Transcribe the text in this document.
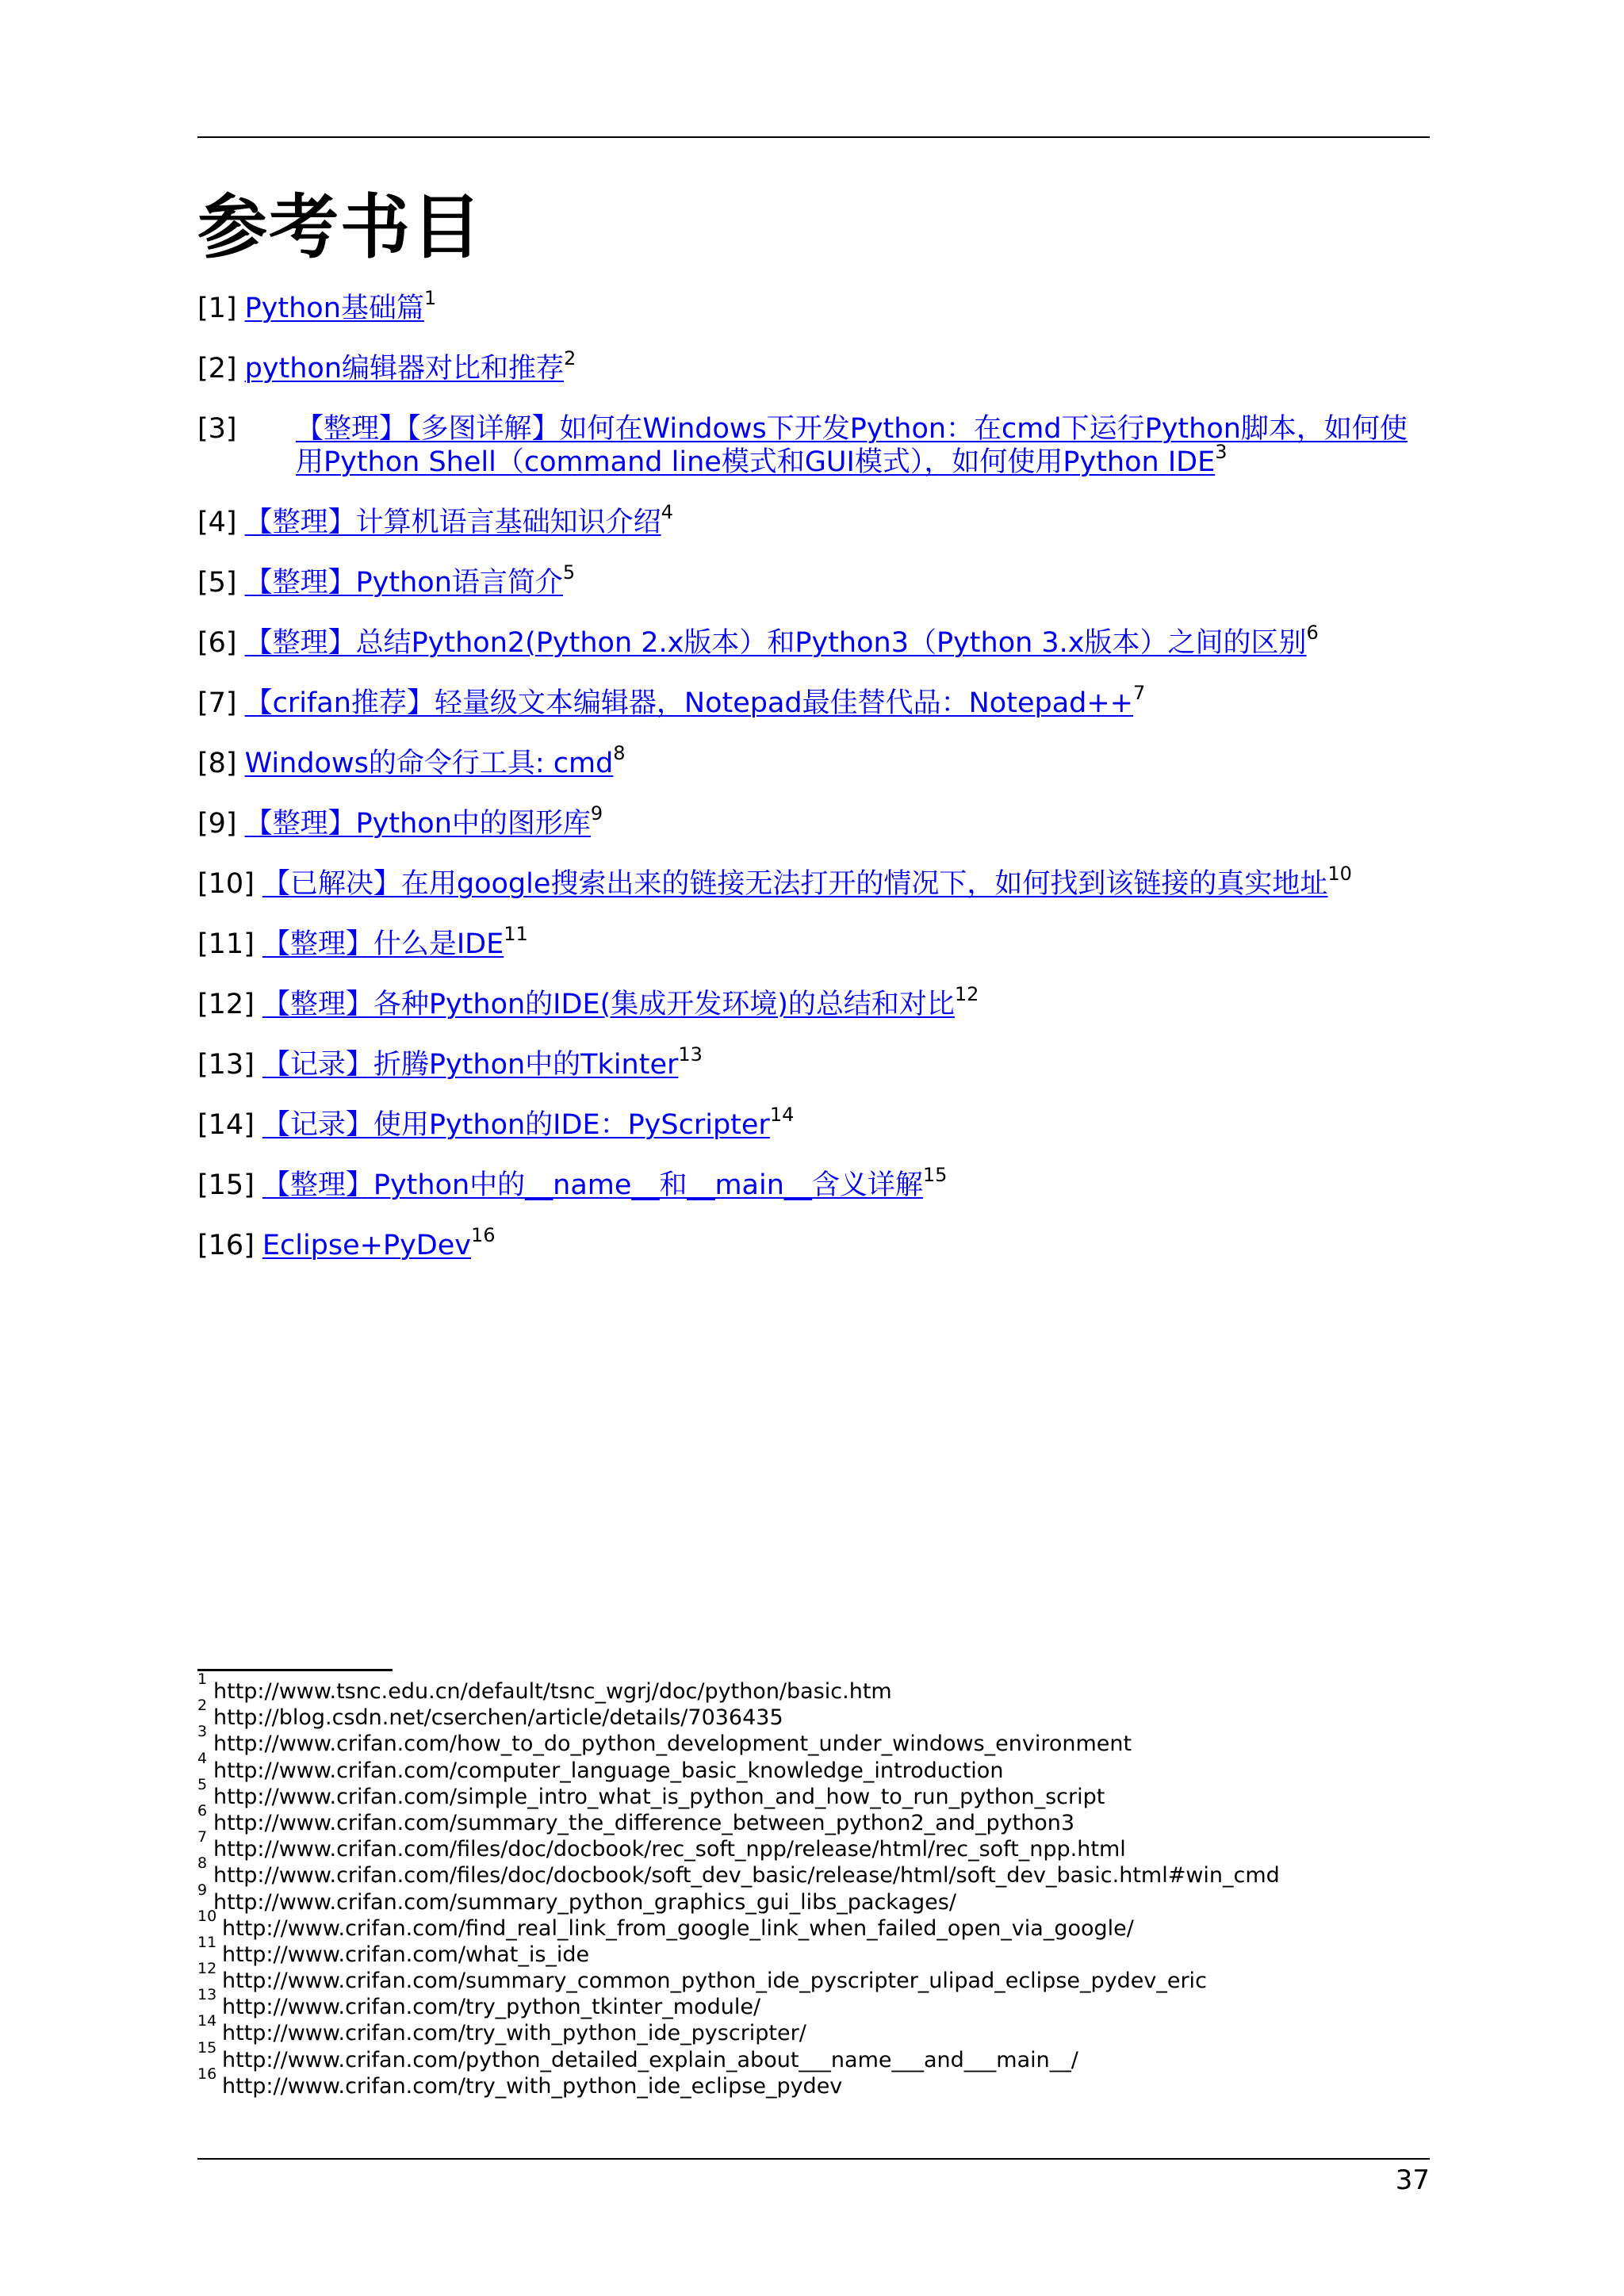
参考书目
[1] Python基础篇$^1$
[2] python编辑器对比和推荐$^2$
[3] 【整理】【多图详解】如何在Windows下开发Python：在cmd下运行Python脚本，如何使用Python Shell（command line模式和GUI模式），如何使用Python IDE$^3$
[4] 【整理】计算机语言基础知识介绍$^4$
[5] 【整理】Python语言简介$^5$
[6] 【整理】总结Python2(Python 2.x版本）和Python3（Python 3.x版本）之间的区别$^6$
[7] 【crifan推荐】轻量级文本编辑器，Notepad最佳替代品：Notepad++$^7$
[8] Windows的命令行工具: cmd$^8$
[9] 【整理】Python中的图形库$^9$
[10] 【已解决】在用google搜索出来的链接无法打开的情况下，如何找到该链接的真实地址$^{10}$
[11] 【整理】什么是IDE$^{11}$
[12] 【整理】各种Python的IDE(集成开发环境)的总结和对比$^{12}$
[13] 【记录】折腾Python中的Tkinter$^{13}$
[14] 【记录】使用Python的IDE：PyScripter$^{14}$
[15] 【整理】Python中的__name__和__main__含义详解$^{15}$
[16] Eclipse+PyDev$^{16}$
1 http://www.tsnc.edu.cn/default/tsnc_wgrj/doc/python/basic.htm
2 http://blog.csdn.net/cserchen/article/details/7036435
3 http://www.crifan.com/how_to_do_python_development_under_windows_environment
4 http://www.crifan.com/computer_language_basic_knowledge_introduction
5 http://www.crifan.com/simple_intro_what_is_python_and_how_to_run_python_script
6 http://www.crifan.com/summary_the_difference_between_python2_and_python3
7 http://www.crifan.com/files/doc/docbook/rec_soft_npp/release/html/rec_soft_npp.html
8 http://www.crifan.com/files/doc/docbook/soft_dev_basic/release/html/soft_dev_basic.html#win_cmd
9 http://www.crifan.com/summary_python_graphics_gui_libs_packages/
10 http://www.crifan.com/find_real_link_from_google_link_when_failed_open_via_google/
11 http://www.crifan.com/what_is_ide
12 http://www.crifan.com/summary_common_python_ide_pyscripter_ulipad_eclipse_pydev_eric
13 http://www.crifan.com/try_python_tkinter_module/
14 http://www.crifan.com/try_with_python_ide_pyscripter/
15 http://www.crifan.com/python_detailed_explain_about___name___and___main__/
16 http://www.crifan.com/try_with_python_ide_eclipse_pydev
37
